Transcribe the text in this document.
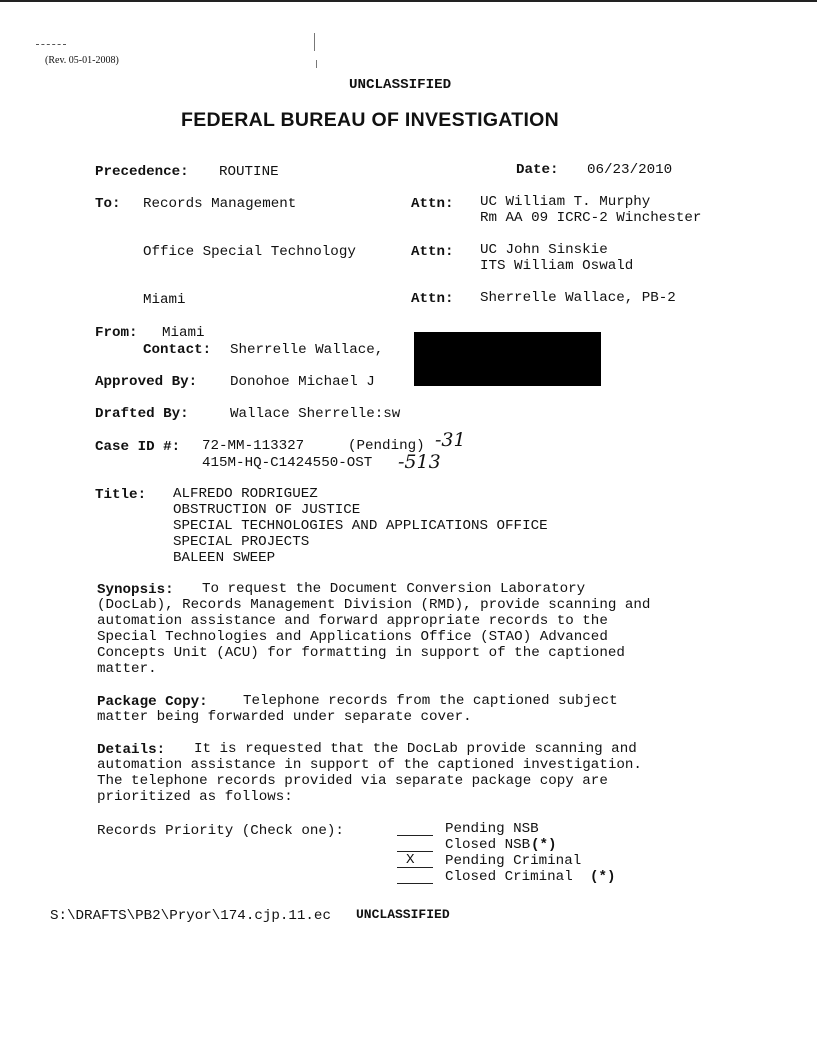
(Rev. 05-01-2008)
UNCLASSIFIED
FEDERAL BUREAU OF INVESTIGATION
Precedence: ROUTINE	Date: 06/23/2010
To: Records Management	Attn: UC William T. Murphy
Rm AA 09 ICRC-2 Winchester
Office Special Technology	Attn: UC John Sinskie
ITS William Oswald
Miami	Attn: Sherrelle Wallace, PB-2
From: Miami
Contact: Sherrelle Wallace,
Approved By: Donohoe Michael J
Drafted By:	Wallace Sherrelle:sw
Case ID #: 72-MM-113327	(Pending) -31
415M-HQ-C1424550-OST -513
Title: ALFREDO RODRIGUEZ
OBSTRUCTION OF JUSTICE
SPECIAL TECHNOLOGIES AND APPLICATIONS OFFICE
SPECIAL PROJECTS
BALEEN SWEEP
Synopsis: To request the Document Conversion Laboratory
(DocLab), Records Management Division (RMD), provide scanning and
automation assistance and forward appropriate records to the
Special Technologies and Applications Office (STAO) Advanced
Concepts Unit (ACU) for formatting in support of the captioned
matter.
Package Copy: Telephone records from the captioned subject
matter being forwarded under separate cover.
Details: It is requested that the DocLab provide scanning and
automation assistance in support of the captioned investigation.
The telephone records provided via separate package copy are
prioritized as follows:
Records Priority (Check one):	Pending NSB
Closed NSB (*)
X Pending Criminal
Closed Criminal (*)
S:\DRAFTS\PB2\Pryor\174.cjp.11.ec UNCLASSIFIED
